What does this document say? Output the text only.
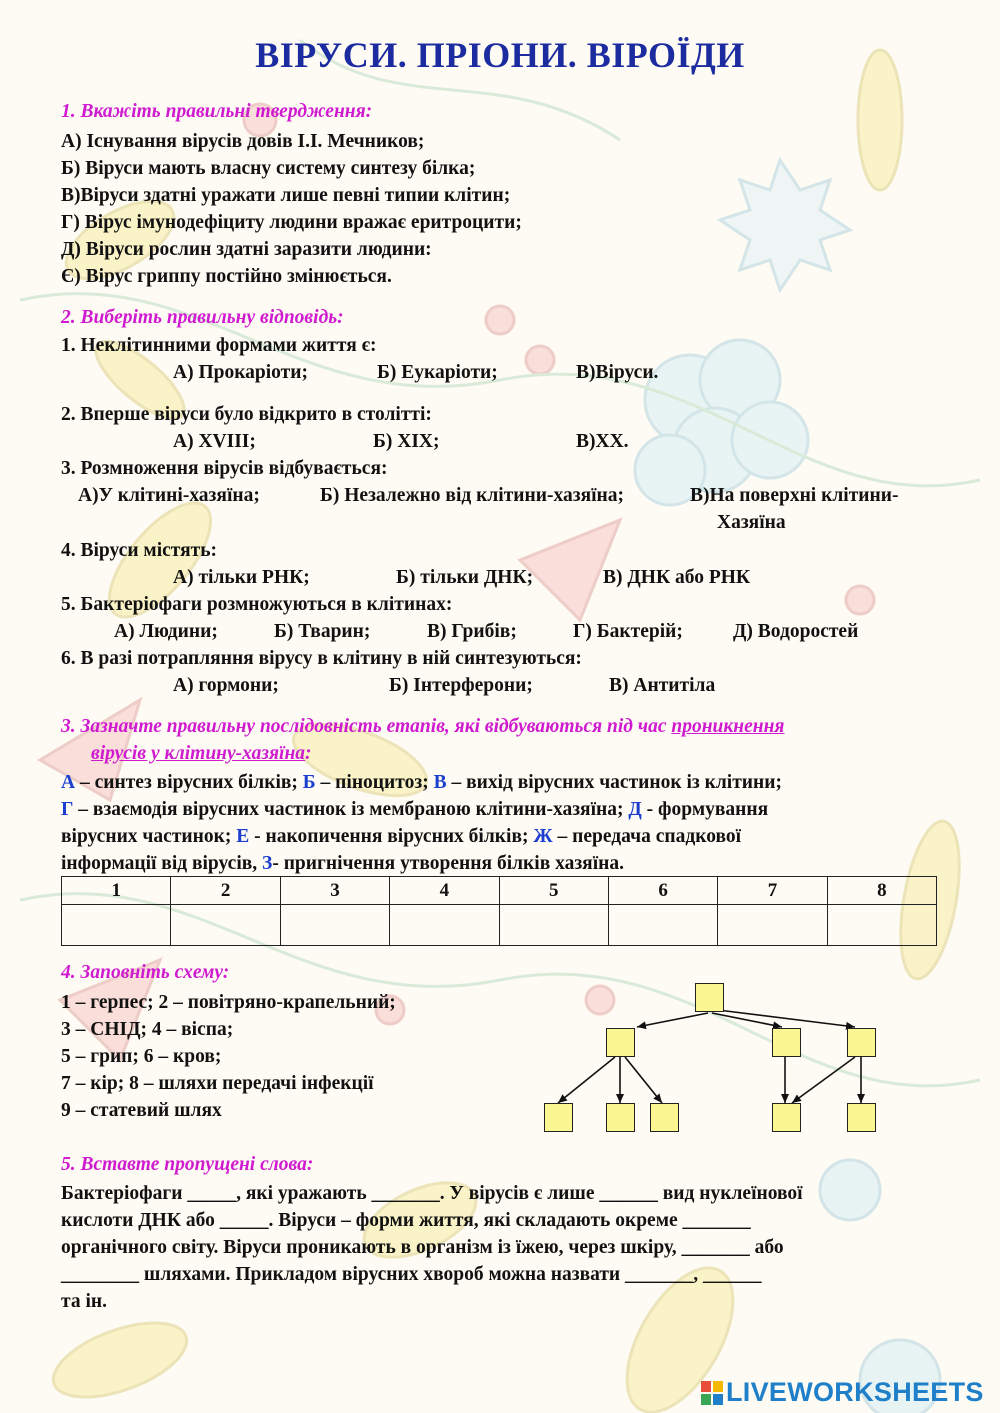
ВІРУСИ. ПРІОНИ. ВІРОЇДИ
1. Вкажіть правильні твердження:
А) Існування вірусів довів І.І. Мечников;
Б) Віруси мають власну систему синтезу білка;
В)Віруси здатні уражати лише певні типии клітин;
Г) Вірус імунодефіциту людини вражає еритроцити;
Д) Віруси рослин здатні заразити людини:
Є) Вірус гриппу постійно змінюється.
2. Виберіть правильну відповідь:
1. Неклітинними формами життя є:
А) Прокаріоти;	Б) Еукаріоти;	В)Віруси.
2. Вперше віруси було відкрито в столітті:
А) XVIII;	Б) XIX;	В)XX.
3. Розмноження вірусів відбувається:
А)У клітині-хазяїна;	Б) Незалежно від клітини-хазяїна;	В)На поверхні клітини-
Хазяїна
4. Віруси містять:
А) тільки РНК;	Б) тільки ДНК;	В) ДНК або РНК
5. Бактеріофаги розмножуються в клітинах:
А) Людини;	Б) Тварин;	В) Грибів;	Г) Бактерій;	Д) Водоростей
6. В разі потрапляння вірусу в клітину в ній синтезуються:
А) гормони;	Б) Інтерферони;	В) Антитіла
3. Зазначте правильну послідовність етапів, які відбуваються під час проникнення
вірусів у клітину-хазяїна:
А – синтез вірусних білків; Б – піноцитоз; В – вихід вірусних частинок із клітини;
Г – взаємодія вірусних частинок із мембраною клітини-хазяїна; Д - формування
вірусних частинок; Е - накопичення вірусних білків; Ж – передача спадкової
інформації від вірусів, З- пригнічення утворення білків хазяїна.
1	2	3	4	5	6	7	8

4. Заповніть схему:
1 – герпес; 2 – повітряно-крапельний;
3 – СНІД; 4 – віспа;
5 – грип; 6 – кров;
7 – кір; 8 – шляхи передачі інфекції
9 – статевий шлях
5. Вставте пропущені слова:
Бактеріофаги _____, які уражають _______. У вірусів є лише ______ вид нуклеїнової
кислоти ДНК або _____. Віруси – форми життя, які складають окреме _______
органічного світу. Віруси проникають в організм із їжею, через шкіру, _______ або
________ шляхами. Прикладом вірусних хвороб можна назвати _______, ______
та ін.
LIVEWORKSHEETS
